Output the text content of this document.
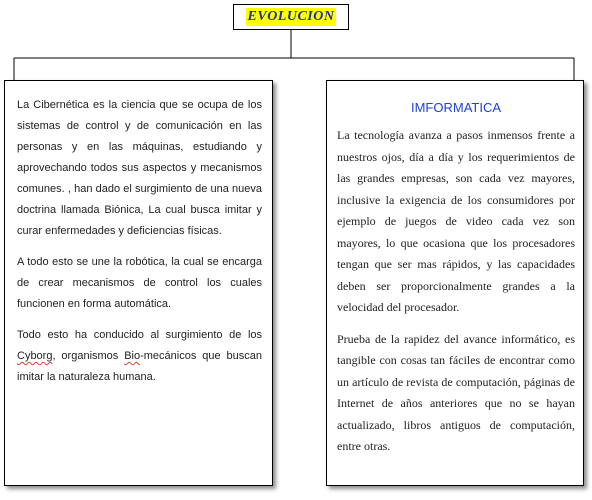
EVOLUCION

La Cibernética es la ciencia que se ocupa de los sistemas de control y de comunicación en las personas y en las máquinas, estudiando y aprovechando todos sus aspectos y mecanismos comunes. , han dado el surgimiento de una nueva doctrina llamada Biónica, La cual busca imitar y curar enfermedades y deficiencias físicas.

A todo esto se une la robótica, la cual se encarga de crear mecanismos de control los cuales funcionen en forma automática.

Todo esto ha conducido al surgimiento de los Cyborg, organismos Bio-mecánicos que buscan imitar la naturaleza humana.

IMFORMATICA

La tecnología avanza a pasos inmensos frente a nuestros ojos, día a día y los requerimientos de las grandes empresas, son cada vez mayores, inclusive la exigencia de los consumidores por ejemplo de juegos de video cada vez son mayores, lo que ocasiona que los procesadores tengan que ser mas rápidos, y las capacidades deben ser proporcionalmente grandes a la velocidad del procesador.

Prueba de la rapidez del avance informático, es tangible con cosas tan fáciles de encontrar como un artículo de revista de computación, páginas de Internet de años anteriores que no se hayan actualizado, libros antiguos de computación, entre otras.
